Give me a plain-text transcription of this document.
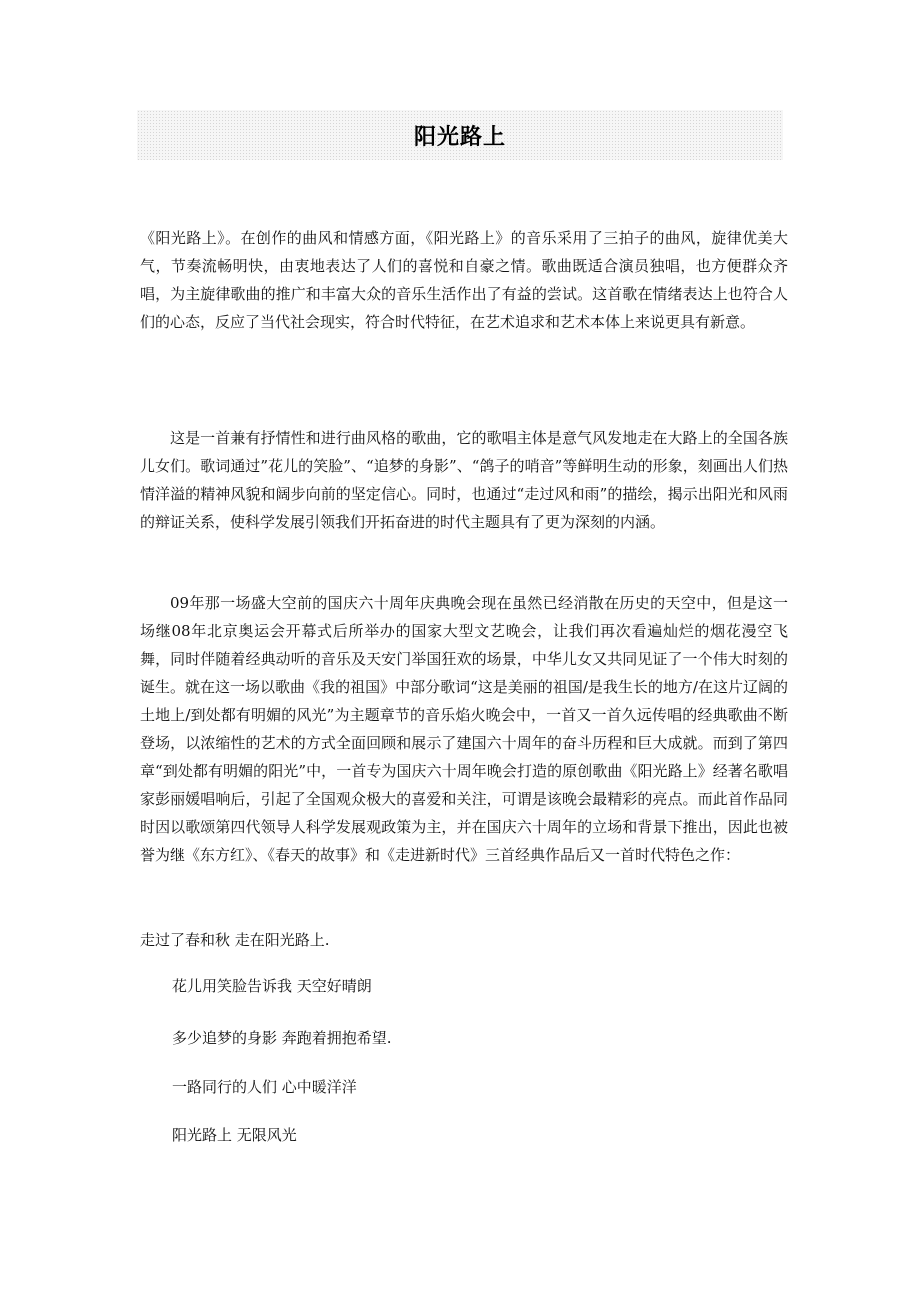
阳光路上

《阳光路上》。在创作的曲风和情感方面，《阳光路上》的音乐采用了三拍子的曲风，旋律优美大气，节奏流畅明快，由衷地表达了人们的喜悦和自豪之情。歌曲既适合演员独唱，也方便群众齐唱，为主旋律歌曲的推广和丰富大众的音乐生活作出了有益的尝试。这首歌在情绪表达上也符合人们的心态，反应了当代社会现实，符合时代特征，在艺术追求和艺术本体上来说更具有新意。

这是一首兼有抒情性和进行曲风格的歌曲，它的歌唱主体是意气风发地走在大路上的全国各族儿女们。歌词通过”花儿的笑脸”、“追梦的身影”、“鸽子的哨音”等鲜明生动的形象，刻画出人们热情洋溢的精神风貌和阔步向前的坚定信心。同时，也通过“走过风和雨”的描绘，揭示出阳光和风雨的辩证关系，使科学发展引领我们开拓奋进的时代主题具有了更为深刻的内涵。

09年那一场盛大空前的国庆六十周年庆典晚会现在虽然已经消散在历史的天空中，但是这一场继08年北京奥运会开幕式后所举办的国家大型文艺晚会，让我们再次看遍灿烂的烟花漫空飞舞，同时伴随着经典动听的音乐及天安门举国狂欢的场景，中华儿女又共同见证了一个伟大时刻的诞生。就在这一场以歌曲《我的祖国》中部分歌词“这是美丽的祖国/是我生长的地方/在这片辽阔的土地上/到处都有明媚的风光”为主题章节的音乐焰火晚会中，一首又一首久远传唱的经典歌曲不断登场，以浓缩性的艺术的方式全面回顾和展示了建国六十周年的奋斗历程和巨大成就。而到了第四章“到处都有明媚的阳光”中，一首专为国庆六十周年晚会打造的原创歌曲《阳光路上》经著名歌唱家彭丽媛唱响后，引起了全国观众极大的喜爱和关注，可谓是该晚会最精彩的亮点。而此首作品同时因以歌颂第四代领导人科学发展观政策为主，并在国庆六十周年的立场和背景下推出，因此也被誉为继《东方红》、《春天的故事》和《走进新时代》三首经典作品后又一首时代特色之作：

走过了春和秋 走在阳光路上.

花儿用笑脸告诉我 天空好晴朗

多少追梦的身影 奔跑着拥抱希望.

一路同行的人们 心中暖洋洋

阳光路上 无限风光
